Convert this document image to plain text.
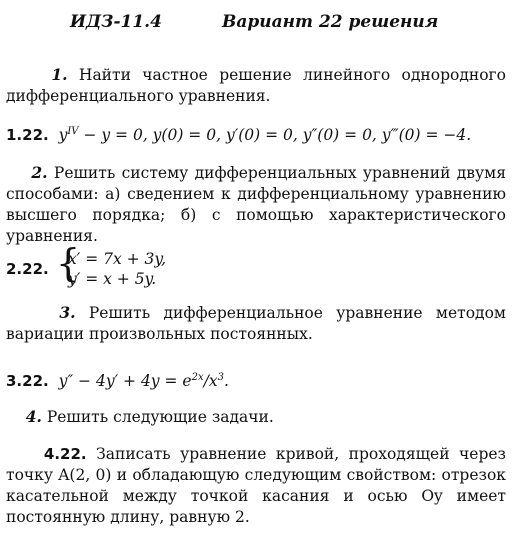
ИДЗ-11.4	Вариант 22 решения
1. Найти частное решение линейного однородного дифференциального уравнения.
1.22. $y^{IV} - y = 0$, y(0) = 0, y′(0) = 0, y″(0) = 0, y‴(0) = −4.
2. Решить систему дифференциальных уравнений двумя способами: а) сведением к дифференциальному уравнению высшего порядка; б) с помощью характеристического уравнения.
2.22. {
x′ = 7x + 3y,
y′ = x + 5y.
3. Решить дифференциальное уравнение методом вариации произвольных постоянных.
3.22. $y'' - 4y' + 4y = e^{2x}/x^3$.
4. Решить следующие задачи.
4.22. Записать уравнение кривой, проходящей через точку A(2, 0) и обладающую следующим свойством: отрезок касательной между точкой касания и осью Oy имеет постоянную длину, равную 2.
